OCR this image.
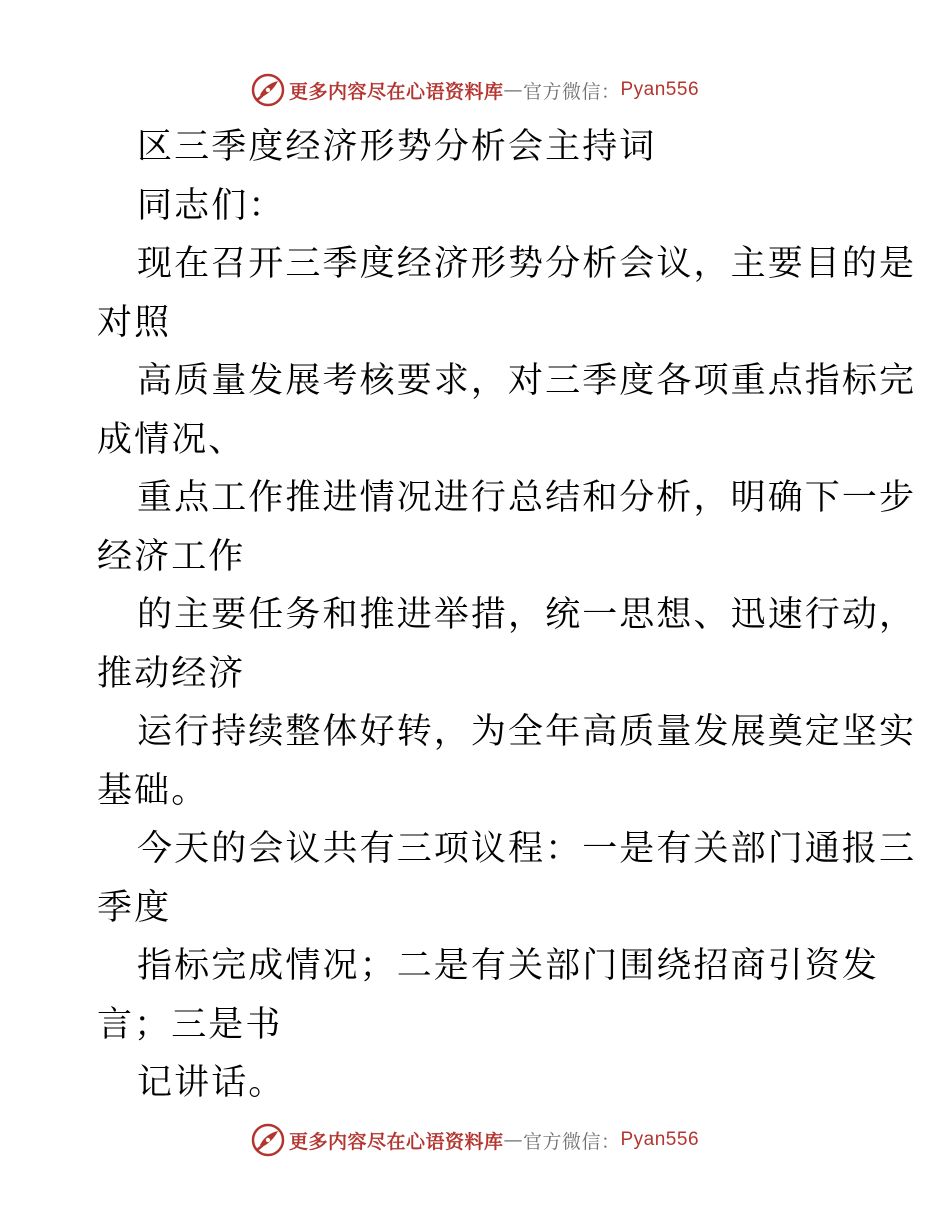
更多内容尽在心语资料库 — 官方微信： Pyan556
区三季度经济形势分析会主持词
同志们：
现在召开三季度经济形势分析会议，主要目的是
对照
高质量发展考核要求，对三季度各项重点指标完
成情况、
重点工作推进情况进行总结和分析，明确下一步
经济工作
的主要任务和推进举措，统一思想、迅速行动，
推动经济
运行持续整体好转，为全年高质量发展奠定坚实
基础。
今天的会议共有三项议程：一是有关部门通报三
季度
指标完成情况；二是有关部门围绕招商引资发
言；三是书
记讲话。
更多内容尽在心语资料库 — 官方微信： Pyan556
